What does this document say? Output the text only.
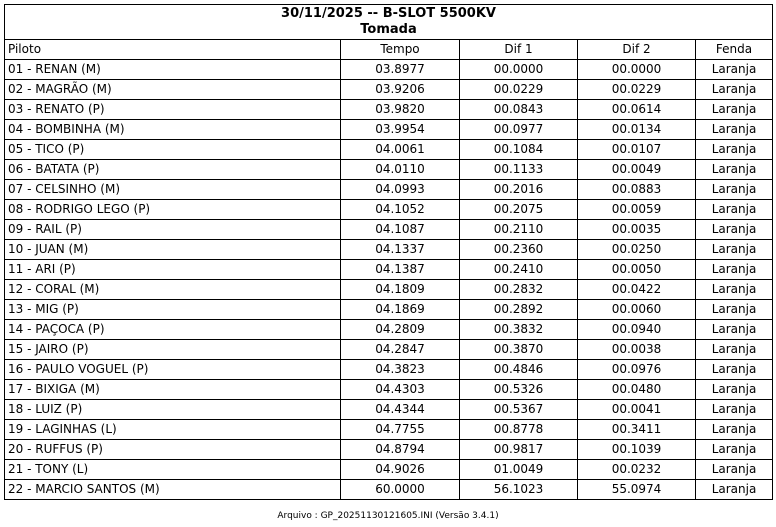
30/11/2025 -- B-SLOT 5500KV
Tomada				

Piloto	Tempo	Dif 1	Dif 2	Fenda
01 - RENAN (M)	03.8977	00.0000	00.0000	Laranja
02 - MAGRÃO (M)	03.9206	00.0229	00.0229	Laranja
03 - RENATO (P)	03.9820	00.0843	00.0614	Laranja
04 - BOMBINHA (M)	03.9954	00.0977	00.0134	Laranja
05 - TICO (P)	04.0061	00.1084	00.0107	Laranja
06 - BATATA (P)	04.0110	00.1133	00.0049	Laranja
07 - CELSINHO (M)	04.0993	00.2016	00.0883	Laranja
08 - RODRIGO LEGO (P)	04.1052	00.2075	00.0059	Laranja
09 - RAIL (P)	04.1087	00.2110	00.0035	Laranja
10 - JUAN (M)	04.1337	00.2360	00.0250	Laranja
11 - ARI (P)	04.1387	00.2410	00.0050	Laranja
12 - CORAL (M)	04.1809	00.2832	00.0422	Laranja
13 - MIG (P)	04.1869	00.2892	00.0060	Laranja
14 - PAÇOCA (P)	04.2809	00.3832	00.0940	Laranja
15 - JAIRO (P)	04.2847	00.3870	00.0038	Laranja
16 - PAULO VOGUEL (P)	04.3823	00.4846	00.0976	Laranja
17 - BIXIGA (M)	04.4303	00.5326	00.0480	Laranja
18 - LUIZ (P)	04.4344	00.5367	00.0041	Laranja
19 - LAGINHAS (L)	04.7755	00.8778	00.3411	Laranja
20 - RUFFUS (P)	04.8794	00.9817	00.1039	Laranja
21 - TONY (L)	04.9026	01.0049	00.0232	Laranja
22 - MARCIO SANTOS (M)	60.0000	56.1023	55.0974	Laranja
Arquivo : GP_20251130121605.INI (Versão 3.4.1)
